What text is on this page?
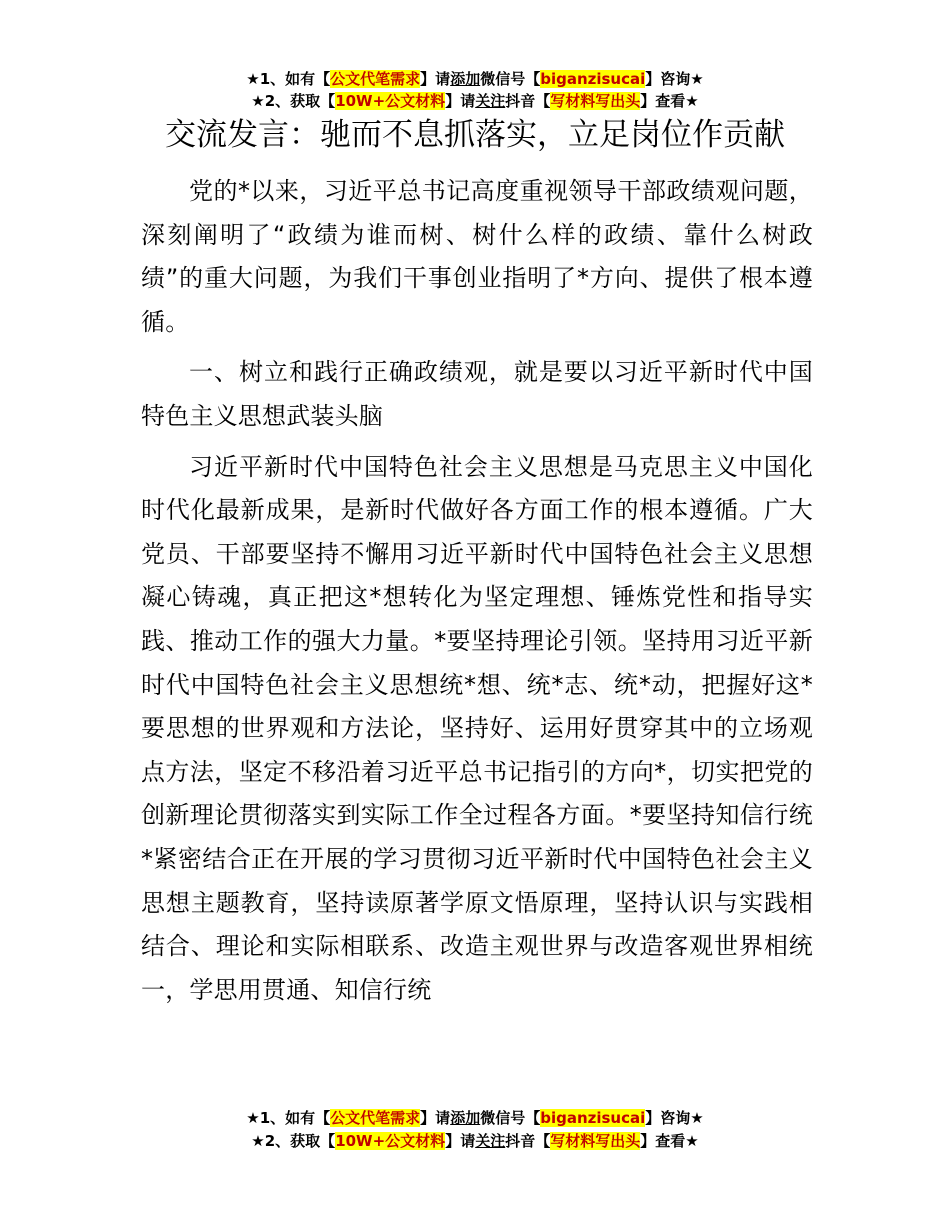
★1、如有【公文代笔需求】请添加微信号【biganzisucai】咨询★
★2、获取【10W+公文材料】请关注抖音【写材料写出头】查看★
交流发言：驰而不息抓落实，立足岗位作贡献

党的*以来，习近平总书记高度重视领导干部政绩观问题，深刻阐明了“政绩为谁而树、树什么样的政绩、靠什么树政绩”的重大问题，为我们干事创业指明了*方向、提供了根本遵循。

一、树立和践行正确政绩观，就是要以习近平新时代中国特色主义思想武装头脑

习近平新时代中国特色社会主义思想是马克思主义中国化时代化最新成果，是新时代做好各方面工作的根本遵循。广大党员、干部要坚持不懈用习近平新时代中国特色社会主义思想凝心铸魂，真正把这*想转化为坚定理想、锤炼党性和指导实践、推动工作的强大力量。*要坚持理论引领。坚持用习近平新时代中国特色社会主义思想统*想、统*志、统*动，把握好这*要思想的世界观和方法论，坚持好、运用好贯穿其中的立场观点方法，坚定不移沿着习近平总书记指引的方向*，切实把党的创新理论贯彻落实到实际工作全过程各方面。*要坚持知信行统*紧密结合正在开展的学习贯彻习近平新时代中国特色社会主义思想主题教育，坚持读原著学原文悟原理，坚持认识与实践相结合、理论和实际相联系、改造主观世界与改造客观世界相统一，学思用贯通、知信行统

★1、如有【公文代笔需求】请添加微信号【biganzisucai】咨询★
★2、获取【10W+公文材料】请关注抖音【写材料写出头】查看★
